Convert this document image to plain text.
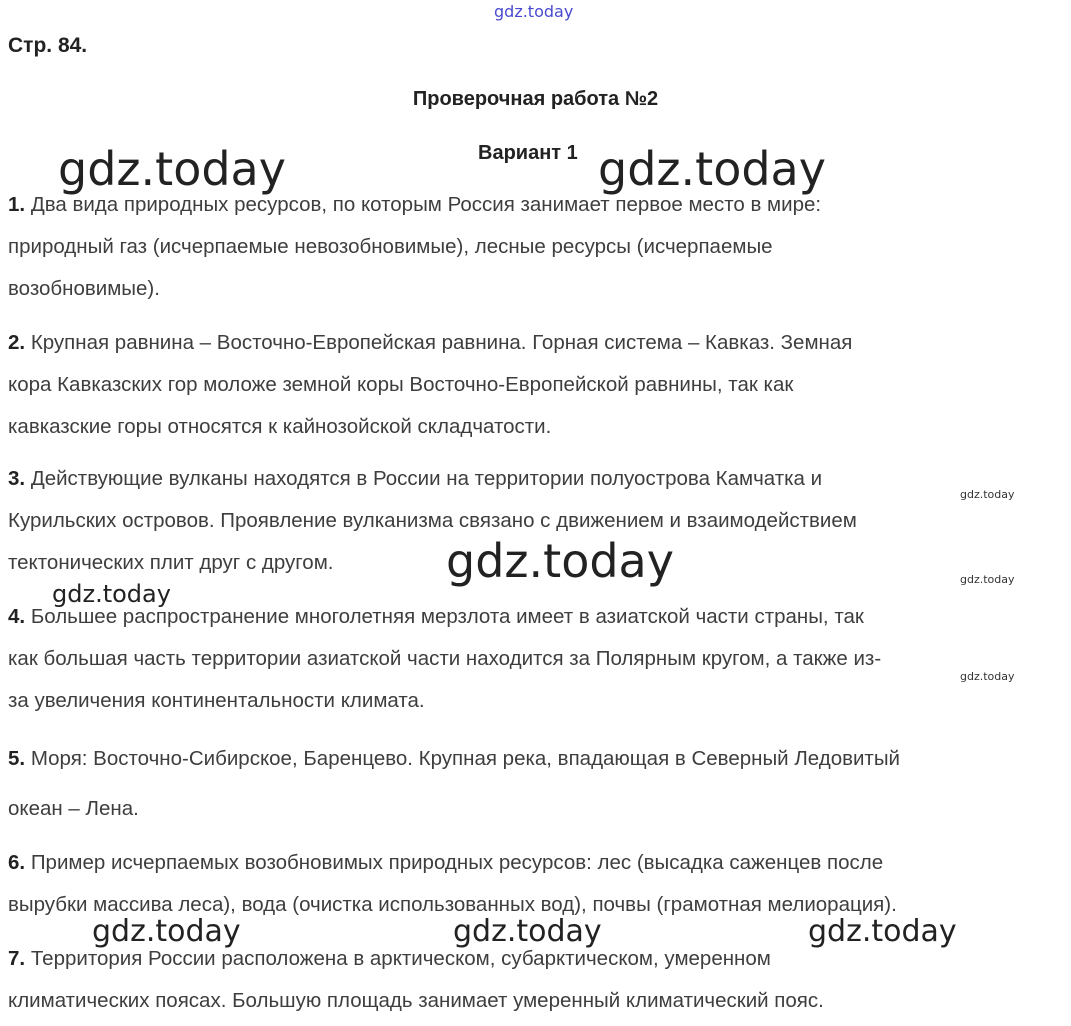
gdz.today
gdz.today	gdz.today
gdz.today
gdz.today
gdz.today	gdz.today	gdz.today
gdz.today
gdz.today
gdz.today
Стр. 84.
Проверочная работа №2
Вариант 1
1. Два вида природных ресурсов, по которым Россия занимает первое место в мире:
природный газ (исчерпаемые невозобновимые), лесные ресурсы (исчерпаемые
возобновимые).
2. Крупная равнина – Восточно-Европейская равнина. Горная система – Кавказ. Земная
кора Кавказских гор моложе земной коры Восточно-Европейской равнины, так как
кавказские горы относятся к кайнозойской складчатости.
3. Действующие вулканы находятся в России на территории полуострова Камчатка и
Курильских островов. Проявление вулканизма связано с движением и взаимодействием
тектонических плит друг с другом.
4. Большее распространение многолетняя мерзлота имеет в азиатской части страны, так
как большая часть территории азиатской части находится за Полярным кругом, а также из-
за увеличения континентальности климата.
5. Моря: Восточно-Сибирское, Баренцево. Крупная река, впадающая в Северный Ледовитый
океан – Лена.
6. Пример исчерпаемых возобновимых природных ресурсов: лес (высадка саженцев после
вырубки массива леса), вода (очистка использованных вод), почвы (грамотная мелиорация).
7. Территория России расположена в арктическом, субарктическом, умеренном
климатических поясах. Большую площадь занимает умеренный климатический пояс.
